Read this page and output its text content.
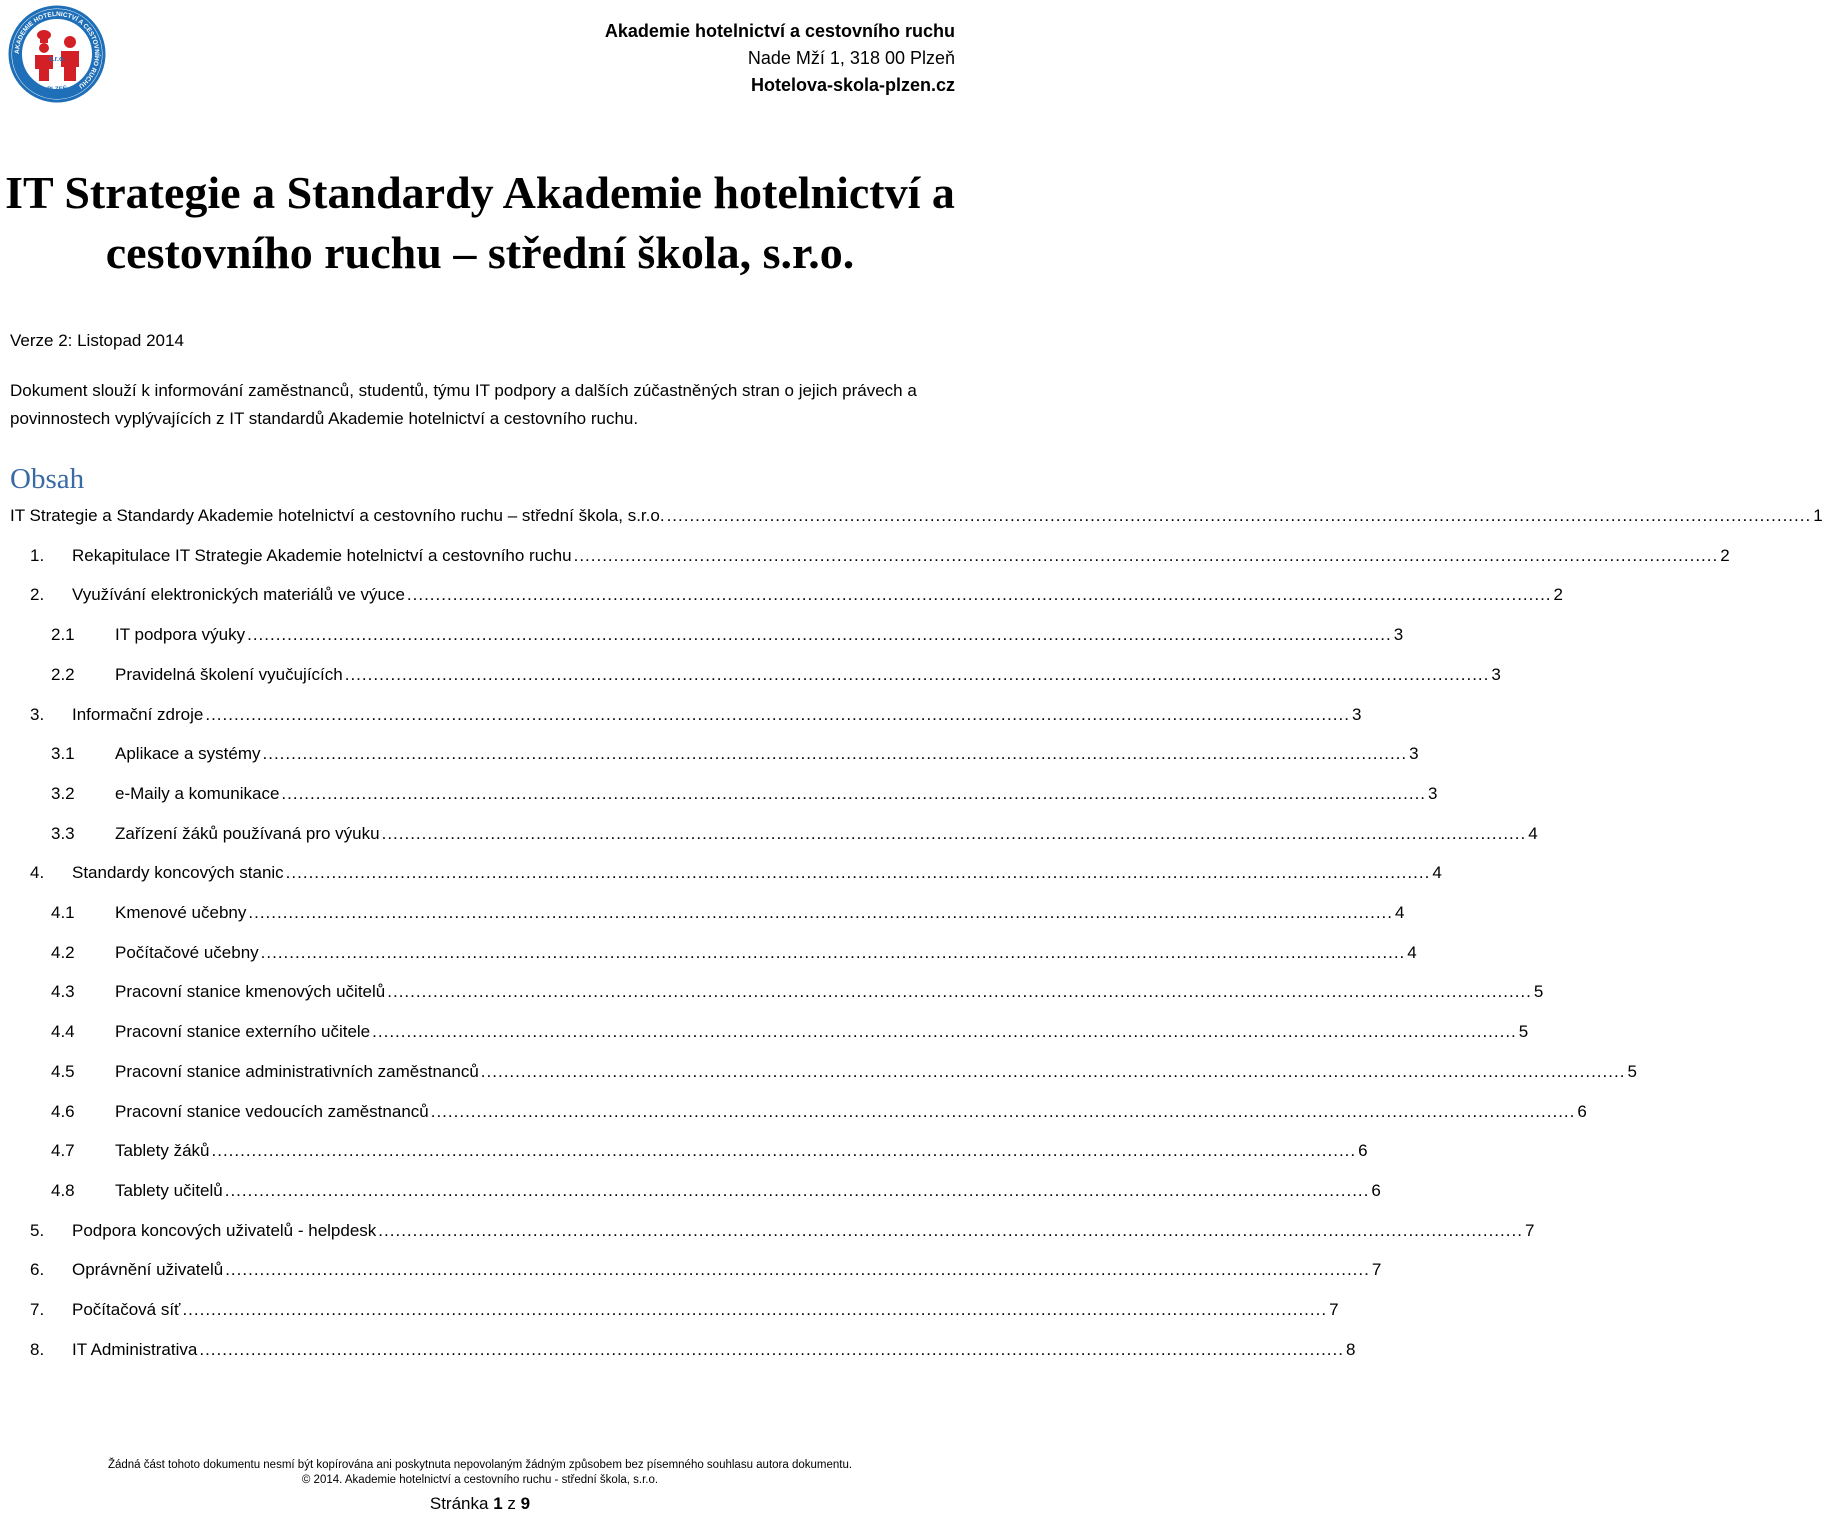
AKADEMIE HOTELNICTVÍ A CESTOVNÍHO RUCHU
s.r.o.
PLZEŇ
Akademie hotelnictví a cestovního ruchu
Nade Mží 1, 318 00 Plzeň
Hotelova-skola-plzen.cz
IT Strategie a Standardy Akademie hotelnictví a
cestovního ruchu – střední škola, s.r.o.
Verze 2: Listopad 2014
Dokument slouží k informování zaměstnanců, studentů, týmu IT podpory a dalších zúčastněných stran o jejich právech a povinnostech vyplývajících z IT standardů Akademie hotelnictví a cestovního ruchu.
Obsah
IT Strategie a Standardy Akademie hotelnictví a cestovního ruchu – střední škola, s.r.o. ........................................................................................................................................................................................................ 1
1. Rekapitulace IT Strategie Akademie hotelnictví a cestovního ruchu ........................................................................................................................................................................................................ 2
2. Využívání elektronických materiálů ve výuce ........................................................................................................................................................................................................ 2
2.1 IT podpora výuky ........................................................................................................................................................................................................ 3
2.2 Pravidelná školení vyučujících ........................................................................................................................................................................................................ 3
3. Informační zdroje ........................................................................................................................................................................................................ 3
3.1 Aplikace a systémy ........................................................................................................................................................................................................ 3
3.2 e-Maily a komunikace ........................................................................................................................................................................................................ 3
3.3 Zařízení žáků používaná pro výuku ........................................................................................................................................................................................................ 4
4. Standardy koncových stanic ........................................................................................................................................................................................................ 4
4.1 Kmenové učebny ........................................................................................................................................................................................................ 4
4.2 Počítačové učebny ........................................................................................................................................................................................................ 4
4.3 Pracovní stanice kmenových učitelů ........................................................................................................................................................................................................ 5
4.4 Pracovní stanice externího učitele ........................................................................................................................................................................................................ 5
4.5 Pracovní stanice administrativních zaměstnanců ........................................................................................................................................................................................................ 5
4.6 Pracovní stanice vedoucích zaměstnanců ........................................................................................................................................................................................................ 6
4.7 Tablety žáků ........................................................................................................................................................................................................ 6
4.8 Tablety učitelů ........................................................................................................................................................................................................ 6
5. Podpora koncových uživatelů - helpdesk ........................................................................................................................................................................................................ 7
6. Oprávnění uživatelů ........................................................................................................................................................................................................ 7
7. Počítačová síť ........................................................................................................................................................................................................ 7
8. IT Administrativa ........................................................................................................................................................................................................ 8
Žádná část tohoto dokumentu nesmí být kopírována ani poskytnuta nepovolaným žádným způsobem bez písemného souhlasu autora dokumentu.
© 2014. Akademie hotelnictví a cestovního ruchu - střední škola, s.r.o.
Stránka 1 z 9
